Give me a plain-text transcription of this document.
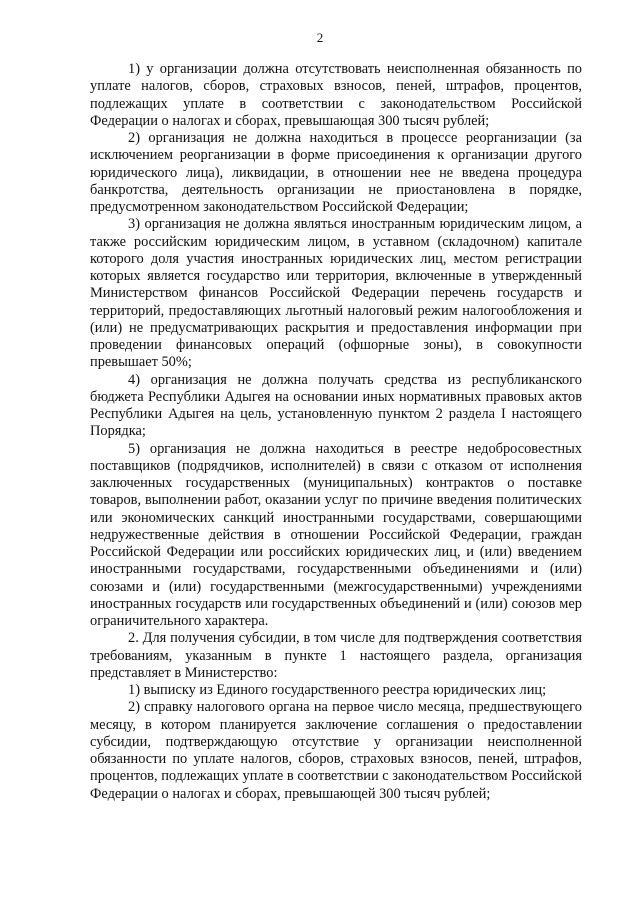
2

1) у организации должна отсутствовать неисполненная обязанность по уплате налогов, сборов, страховых взносов, пеней, штрафов, процентов, подлежащих уплате в соответствии с законодательством Российской Федерации о налогах и сборах, превышающая 300 тысяч рублей;

2) организация не должна находиться в процессе реорганизации (за исключением реорганизации в форме присоединения к организации другого юридического лица), ликвидации, в отношении нее не введена процедура банкротства, деятельность организации не приостановлена в порядке, предусмотренном законодательством Российской Федерации;

3) организация не должна являться иностранным юридическим лицом, а также российским юридическим лицом, в уставном (складочном) капитале которого доля участия иностранных юридических лиц, местом регистрации которых является государство или территория, включенные в утвержденный Министерством финансов Российской Федерации перечень государств и территорий, предоставляющих льготный налоговый режим налогообложения и (или) не предусматривающих раскрытия и предоставления информации при проведении финансовых операций (офшорные зоны), в совокупности превышает 50%;

4) организация не должна получать средства из республиканского бюджета Республики Адыгея на основании иных нормативных правовых актов Республики Адыгея на цель, установленную пунктом 2 раздела I настоящего Порядка;

5) организация не должна находиться в реестре недобросовестных поставщиков (подрядчиков, исполнителей) в связи с отказом от исполнения заключенных государственных (муниципальных) контрактов о поставке товаров, выполнении работ, оказании услуг по причине введения политических или экономических санкций иностранными государствами, совершающими недружественные действия в отношении Российской Федерации, граждан Российской Федерации или российских юридических лиц, и (или) введением иностранными государствами, государственными объединениями и (или) союзами и (или) государственными (межгосударственными) учреждениями иностранных государств или государственных объединений и (или) союзов мер ограничительного характера.

2. Для получения субсидии, в том числе для подтверждения соответствия требованиям, указанным в пункте 1 настоящего раздела, организация представляет в Министерство:

1) выписку из Единого государственного реестра юридических лиц;

2) справку налогового органа на первое число месяца, предшествующего месяцу, в котором планируется заключение соглашения о предоставлении субсидии, подтверждающую отсутствие у организации неисполненной обязанности по уплате налогов, сборов, страховых взносов, пеней, штрафов, процентов, подлежащих уплате в соответствии с законодательством Российской Федерации о налогах и сборах, превышающей 300 тысяч рублей;
